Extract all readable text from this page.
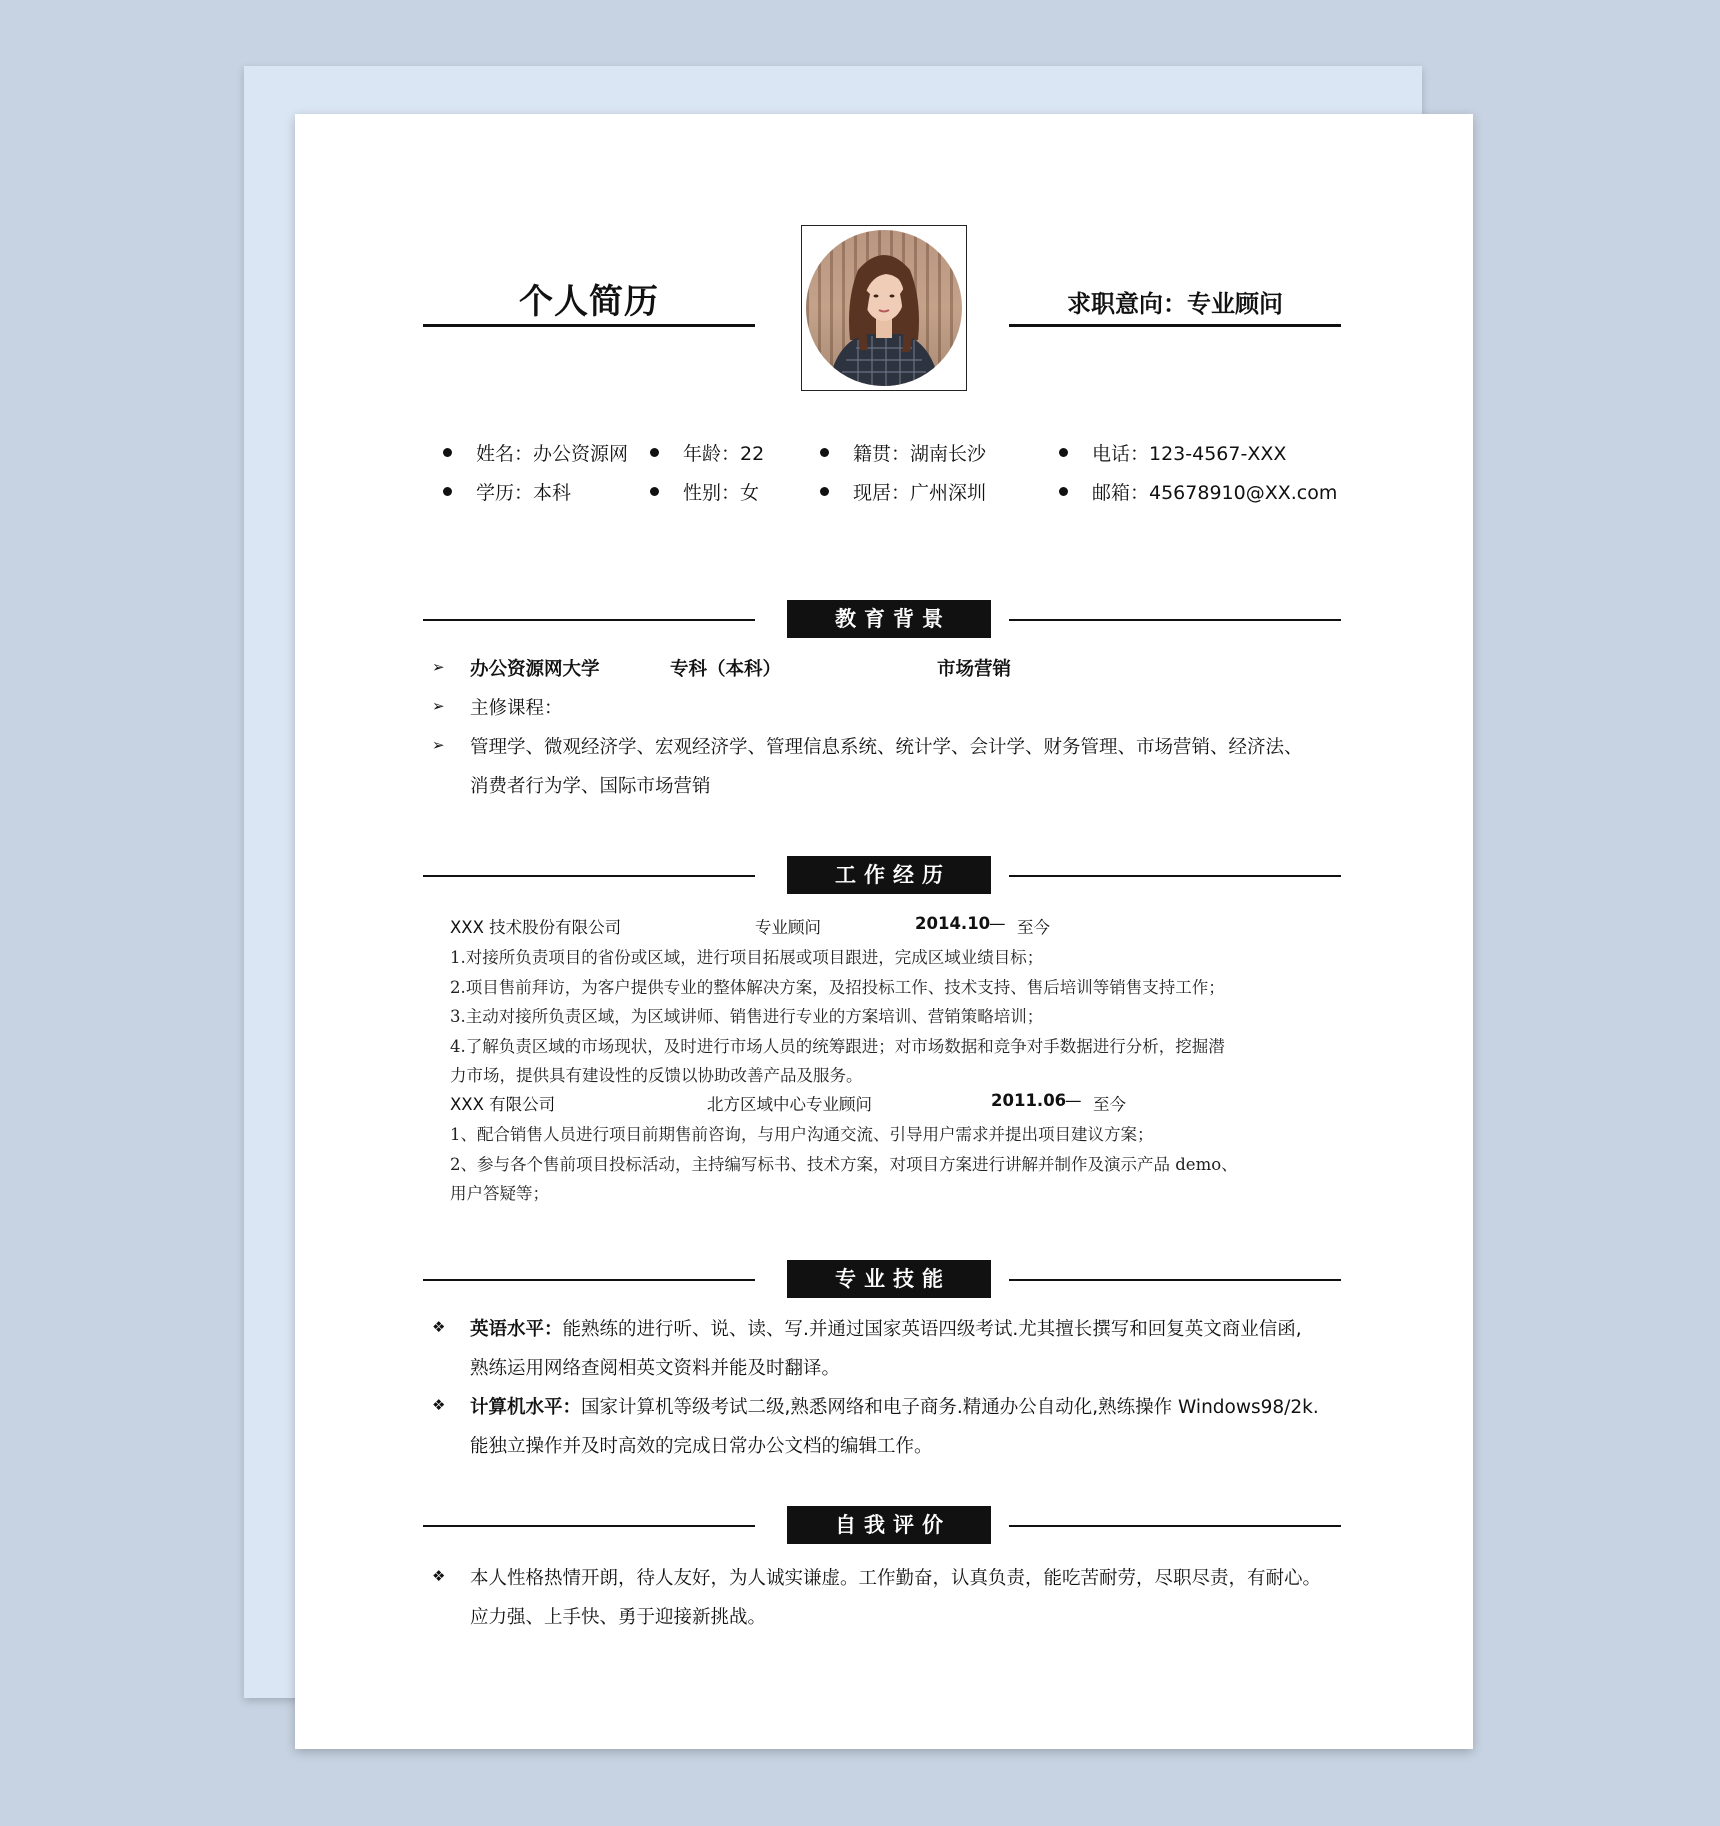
个人简历	求职意向：专业顾问
姓名：办公资源网	年龄：22	籍贯：湖南长沙	电话：123-4567-XXX
学历：本科	性别：女	现居：广州深圳	邮箱：45678910@XX.com
教育背景
➢ 办公资源网大学	专科（本科）	市场营销
➢ 主修课程：
➢ 管理学、微观经济学、宏观经济学、管理信息系统、统计学、会计学、财务管理、市场营销、经济法、
消费者行为学、国际市场营销
工作经历
XXX 技术股份有限公司	专业顾问	2014.10
— 至今
1.对接所负责项目的省份或区域，进行项目拓展或项目跟进，完成区域业绩目标；
2.项目售前拜访，为客户提供专业的整体解决方案，及招投标工作、技术支持、售后培训等销售支持工作；
3.主动对接所负责区域，为区域讲师、销售进行专业的方案培训、营销策略培训；
4.了解负责区域的市场现状，及时进行市场人员的统筹跟进；对市场数据和竞争对手数据进行分析，挖掘潜
力市场，提供具有建设性的反馈以协助改善产品及服务。
XXX 有限公司	北方区域中心专业顾问	2011.06
— 至今
1、配合销售人员进行项目前期售前咨询，与用户沟通交流、引导用户需求并提出项目建议方案；
2、参与各个售前项目投标活动，主持编写标书、技术方案，对项目方案进行讲解并制作及演示产品 demo、
用户答疑等；
专业技能
❖ 英语水平：能熟练的进行听、说、读、写.并通过国家英语四级考试.尤其擅长撰写和回复英文商业信函,
熟练运用网络查阅相英文资料并能及时翻译。
❖ 计算机水平：国家计算机等级考试二级,熟悉网络和电子商务.精通办公自动化,熟练操作 Windows98/2k.
能独立操作并及时高效的完成日常办公文档的编辑工作。
自我评价
❖ 本人性格热情开朗，待人友好，为人诚实谦虚。工作勤奋，认真负责，能吃苦耐劳，尽职尽责，有耐心。
应力强、上手快、勇于迎接新挑战。
